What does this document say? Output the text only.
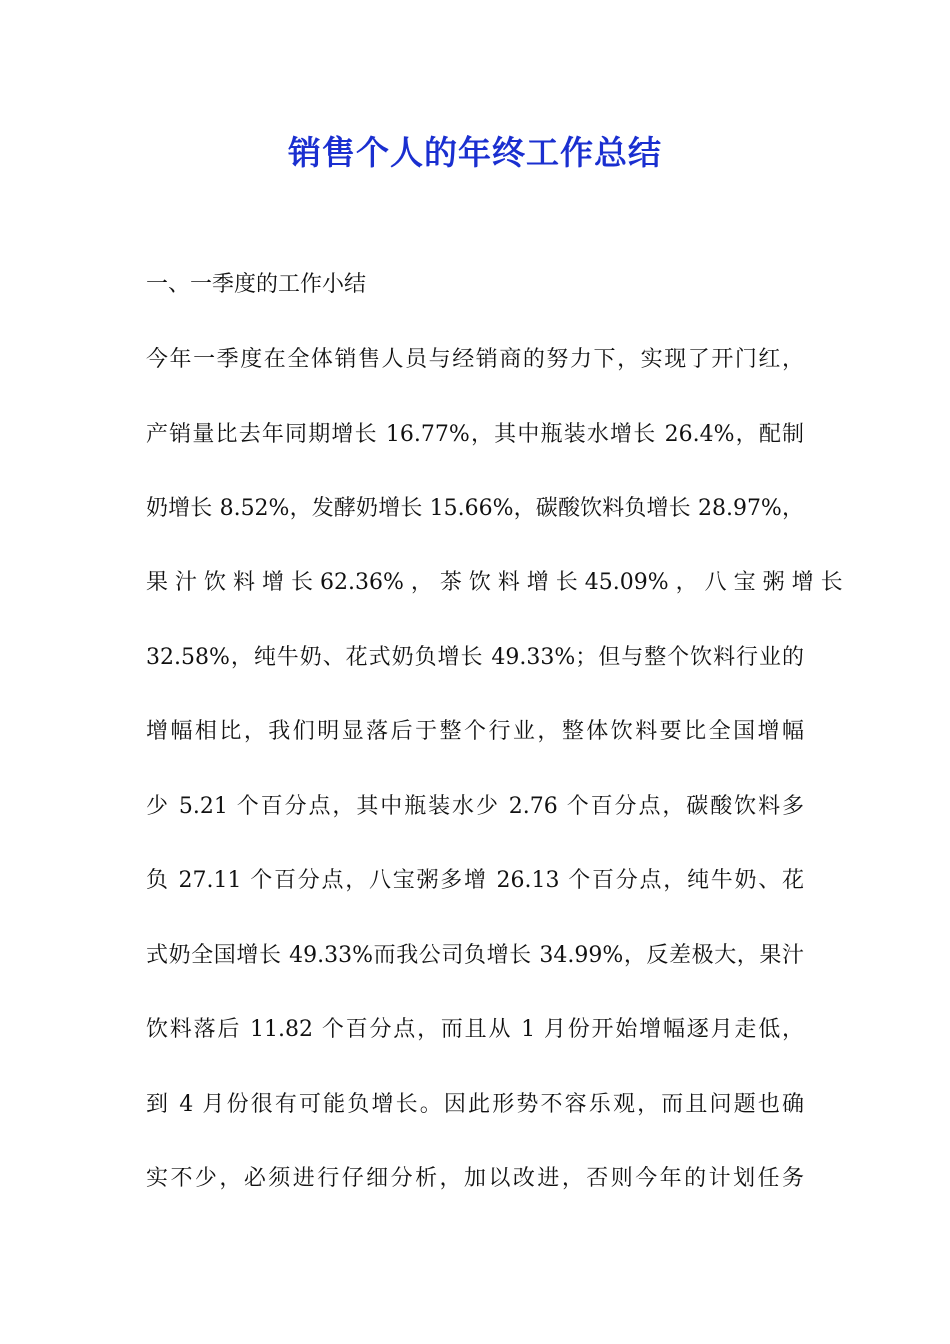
销售个人的年终工作总结
一、一季度的工作小结
今年一季度在全体销售人员与经销商的努力下，实现了开门红，
产销量比去年同期增长 16.77%，其中瓶装水增长 26.4%，配制
奶增长 8.52%，发酵奶增长 15.66%，碳酸饮料负增长 28.97%，
果 汁 饮 料 增 长 62.36% ， 茶 饮 料 增 长 45.09% ， 八 宝 粥 增 长
32.58%，纯牛奶、花式奶负增长 49.33%；但与整个饮料行业的
增幅相比，我们明显落后于整个行业，整体饮料要比全国增幅
少 5.21 个百分点，其中瓶装水少 2.76 个百分点，碳酸饮料多
负 27.11 个百分点，八宝粥多增 26.13 个百分点，纯牛奶、花
式奶全国增长 49.33%而我公司负增长 34.99%，反差极大，果汁
饮料落后 11.82 个百分点，而且从 1 月份开始增幅逐月走低，
到 4 月份很有可能负增长。因此形势不容乐观，而且问题也确
实不少，必须进行仔细分析，加以改进，否则今年的计划任务
